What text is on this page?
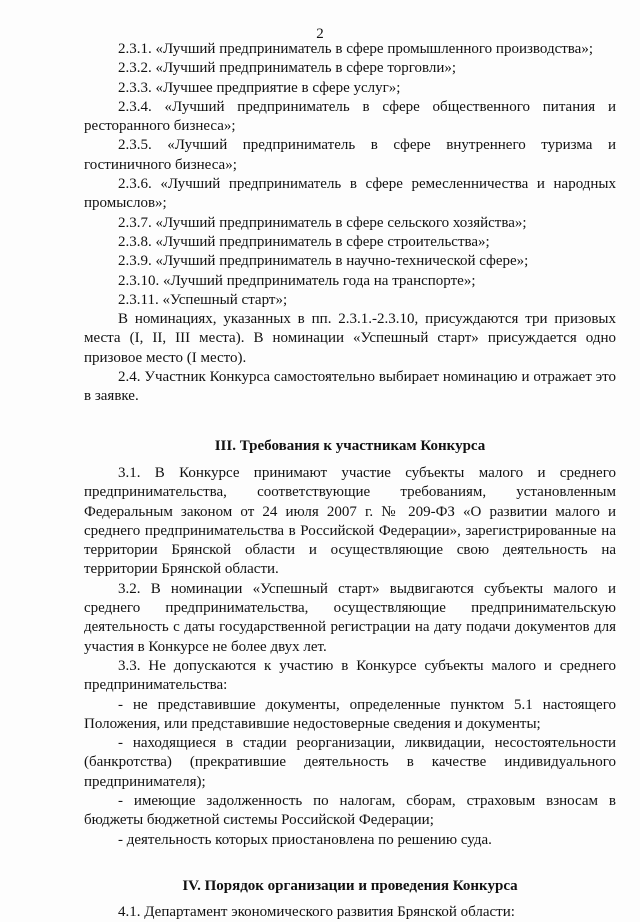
2

2.3.1. «Лучший предприниматель в сфере промышленного производства»;

2.3.2. «Лучший предприниматель в сфере торговли»;

2.3.3. «Лучшее предприятие в сфере услуг»;

2.3.4. «Лучший предприниматель в сфере общественного питания и ресторанного бизнеса»;

2.3.5. «Лучший предприниматель в сфере внутреннего туризма и гостиничного бизнеса»;

2.3.6. «Лучший предприниматель в сфере ремесленничества и народных промыслов»;

2.3.7. «Лучший предприниматель в сфере сельского хозяйства»;

2.3.8. «Лучший предприниматель в сфере строительства»;

2.3.9. «Лучший предприниматель в научно-технической сфере»;

2.3.10. «Лучший предприниматель года на транспорте»;

2.3.11. «Успешный старт»;

В номинациях, указанных в пп. 2.3.1.-2.3.10, присуждаются три призовых места (I, II, III места). В номинации «Успешный старт» присуждается одно призовое место (I место).

2.4. Участник Конкурса самостоятельно выбирает номинацию и отражает это в заявке.

III. Требования к участникам Конкурса

3.1. В Конкурсе принимают участие субъекты малого и среднего предпринимательства, соответствующие требованиям, установленным Федеральным законом от 24 июля 2007 г. № 209-ФЗ «О развитии малого и среднего предпринимательства в Российской Федерации», зарегистрированные на территории Брянской области и осуществляющие свою деятельность на территории Брянской области.

3.2. В номинации «Успешный старт» выдвигаются субъекты малого и среднего предпринимательства, осуществляющие предпринимательскую деятельность с даты государственной регистрации на дату подачи документов для участия в Конкурсе не более двух лет.

3.3. Не допускаются к участию в Конкурсе субъекты малого и среднего предпринимательства:

- не представившие документы, определенные пунктом 5.1 настоящего Положения, или представившие недостоверные сведения и документы;

- находящиеся в стадии реорганизации, ликвидации, несостоятельности (банкротства) (прекратившие деятельность в качестве индивидуального предпринимателя);

- имеющие задолженность по налогам, сборам, страховым взносам в бюджеты бюджетной системы Российской Федерации;

- деятельность которых приостановлена по решению суда.

IV. Порядок организации и проведения Конкурса

4.1. Департамент экономического развития Брянской области:
